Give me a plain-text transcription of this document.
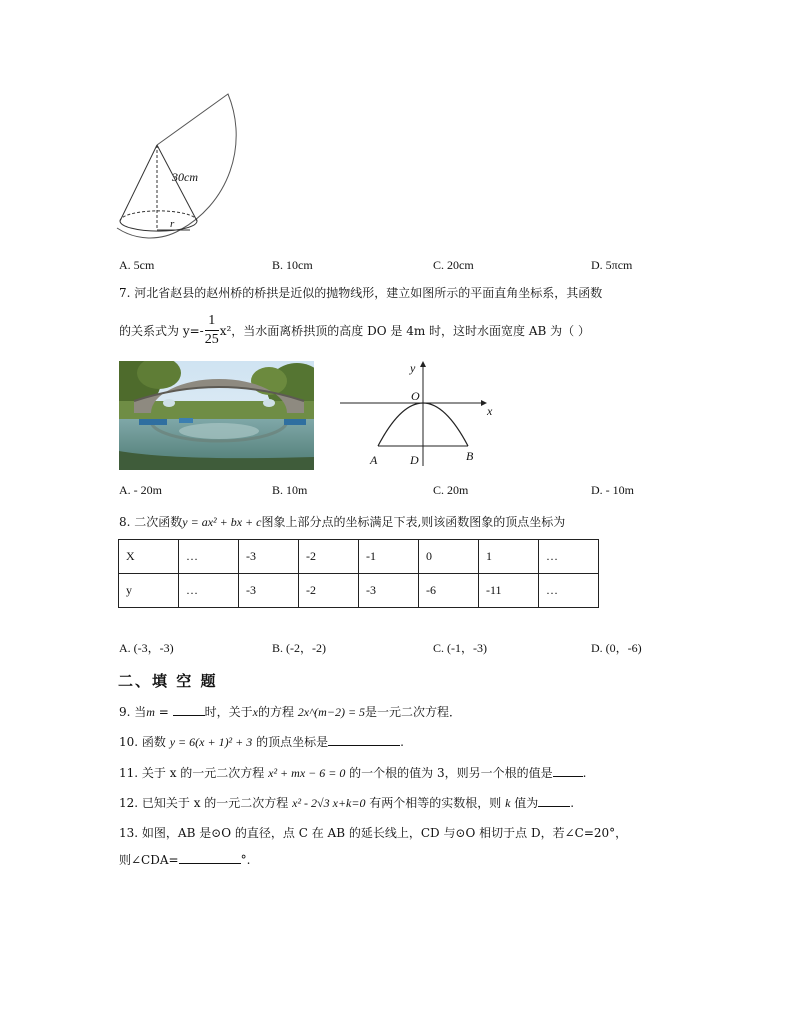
30cm
r
A. 5cm	B. 10cm	C. 20cm	D. 5πcm
7. 河北省赵县的赵州桥的桥拱是近似的抛物线形，建立如图所示的平面直角坐标系，其函数
的关系式为 $y=- \frac{1}{25} x^2$，当水面离桥拱顶的高度 DO 是 4m 时，这时水面宽度 AB 为（ ）
y
x
O
A	D	B
A. - 20m	B. 10m	C. 20m	D. - 10m
8. 二次函数y = ax² + bx + c图象上部分点的坐标满足下表,则该函数图象的顶点坐标为
X	…	-3	-2	-1	0	1	…
y	…	-3	-2	-3	-6	-11	…
A. (-3，-3)	B. (-2，-2)	C. (-1，-3)	D. (0，-6)
二、填 空 题
9. 当m =	时，关于x的方程 2x^(m−2) = 5是一元二次方程．
10. 函数 y = 6(x + 1)² + 3 的顶点坐标是	.
11. 关于 x 的一元二次方程 x² + mx − 6 = 0 的一个根的值为 3，则另一个根的值是	.
12. 已知关于 x 的一元二次方程 x² - 2√3 x+k=0 有两个相等的实数根，则 k 值为	.
13. 如图，AB 是⊙O 的直径，点 C 在 AB 的延长线上，CD 与⊙O 相切于点 D，若∠C=20°，
则∠CDA=	°.
